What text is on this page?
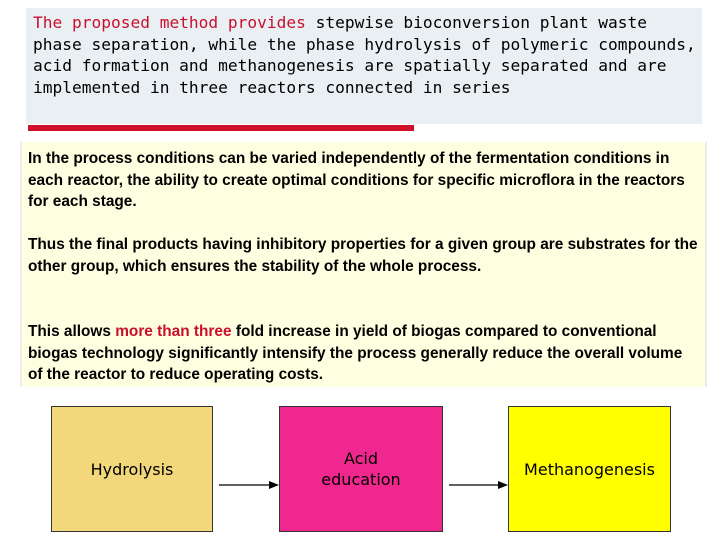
The proposed method provides stepwise bioconversion plant waste phase separation, while the phase hydrolysis of polymeric compounds, acid formation and methanogenesis are spatially separated and are implemented in three reactors connected in series

In the process conditions can be varied independently of the fermentation conditions in each reactor, the ability to create optimal conditions for specific microflora in the reactors for each stage.

Thus the final products having inhibitory properties for a given group are substrates for the other group, which ensures the stability of the whole process.

This allows more than three fold increase in yield of biogas compared to conventional biogas technology significantly intensify the process generally reduce the overall volume of the reactor to reduce operating costs.

Hydrolysis
Acid education
Methanogenesis
